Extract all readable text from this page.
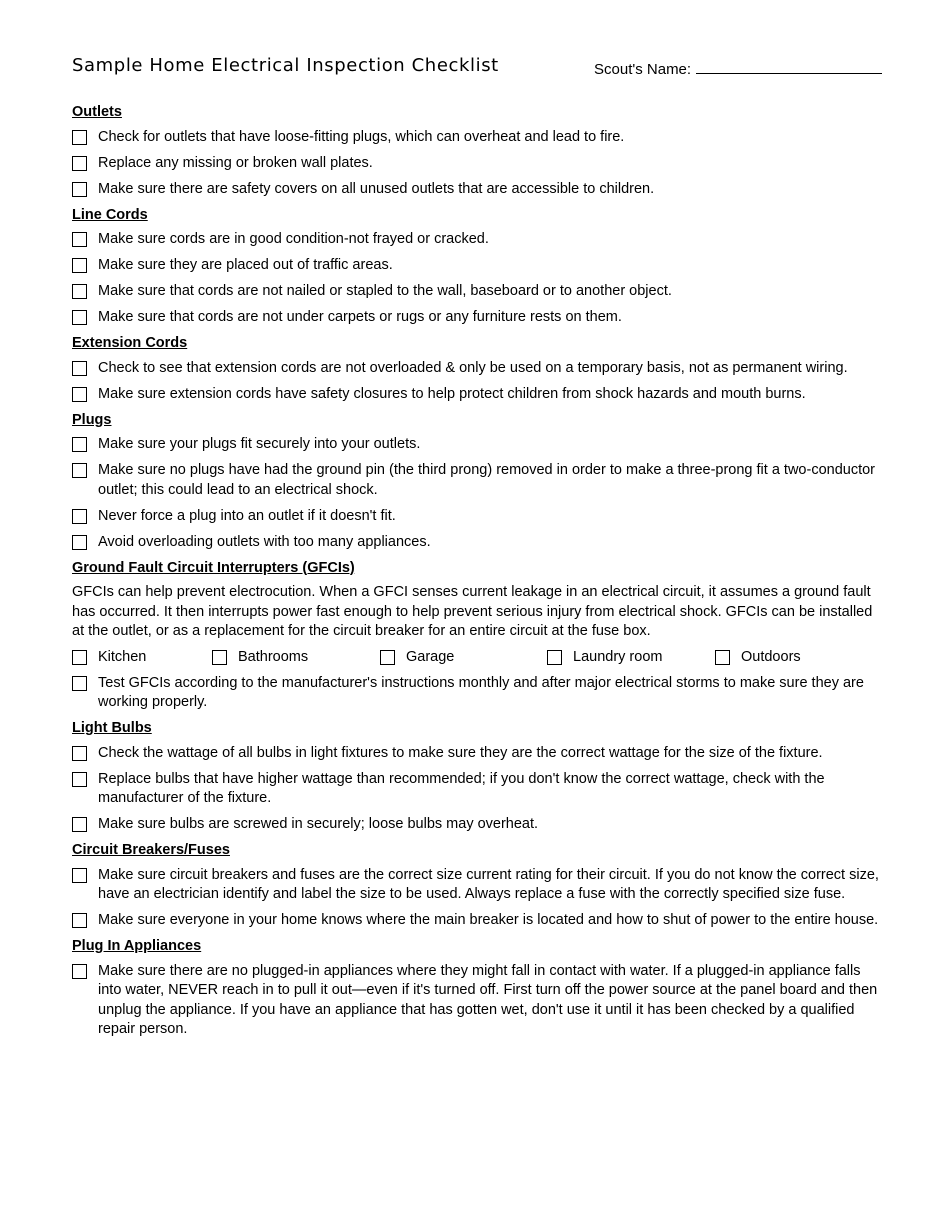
Sample Home Electrical Inspection Checklist	Scout's Name:
Outlets
Check for outlets that have loose-fitting plugs, which can overheat and lead to fire.
Replace any missing or broken wall plates.
Make sure there are safety covers on all unused outlets that are accessible to children.
Line Cords
Make sure cords are in good condition-not frayed or cracked.
Make sure they are placed out of traffic areas.
Make sure that cords are not nailed or stapled to the wall, baseboard or to another object.
Make sure that cords are not under carpets or rugs or any furniture rests on them.
Extension Cords
Check to see that extension cords are not overloaded & only be used on a temporary basis, not as permanent wiring.
Make sure extension cords have safety closures to help protect children from shock hazards and mouth burns.
Plugs
Make sure your plugs fit securely into your outlets.
Make sure no plugs have had the ground pin (the third prong) removed in order to make a three-prong fit a two-conductor outlet; this could lead to an electrical shock.
Never force a plug into an outlet if it doesn't fit.
Avoid overloading outlets with too many appliances.
Ground Fault Circuit Interrupters (GFCIs)
GFCIs can help prevent electrocution. When a GFCI senses current leakage in an electrical circuit, it assumes a ground fault has occurred. It then interrupts power fast enough to help prevent serious injury from electrical shock. GFCIs can be installed at the outlet, or as a replacement for the circuit breaker for an entire circuit at the fuse box.
Kitchen	Bathrooms	Garage	Laundry room	Outdoors
Test GFCIs according to the manufacturer's instructions monthly and after major electrical storms to make sure they are working properly.
Light Bulbs
Check the wattage of all bulbs in light fixtures to make sure they are the correct wattage for the size of the fixture.
Replace bulbs that have higher wattage than recommended; if you don't know the correct wattage, check with the manufacturer of the fixture.
Make sure bulbs are screwed in securely; loose bulbs may overheat.
Circuit Breakers/Fuses
Make sure circuit breakers and fuses are the correct size current rating for their circuit. If you do not know the correct size, have an electrician identify and label the size to be used. Always replace a fuse with the correctly specified size fuse.
Make sure everyone in your home knows where the main breaker is located and how to shut of power to the entire house.
Plug In Appliances
Make sure there are no plugged-in appliances where they might fall in contact with water. If a plugged-in appliance falls into water, NEVER reach in to pull it out—even if it's turned off. First turn off the power source at the panel board and then unplug the appliance. If you have an appliance that has gotten wet, don't use it until it has been checked by a qualified repair person.
